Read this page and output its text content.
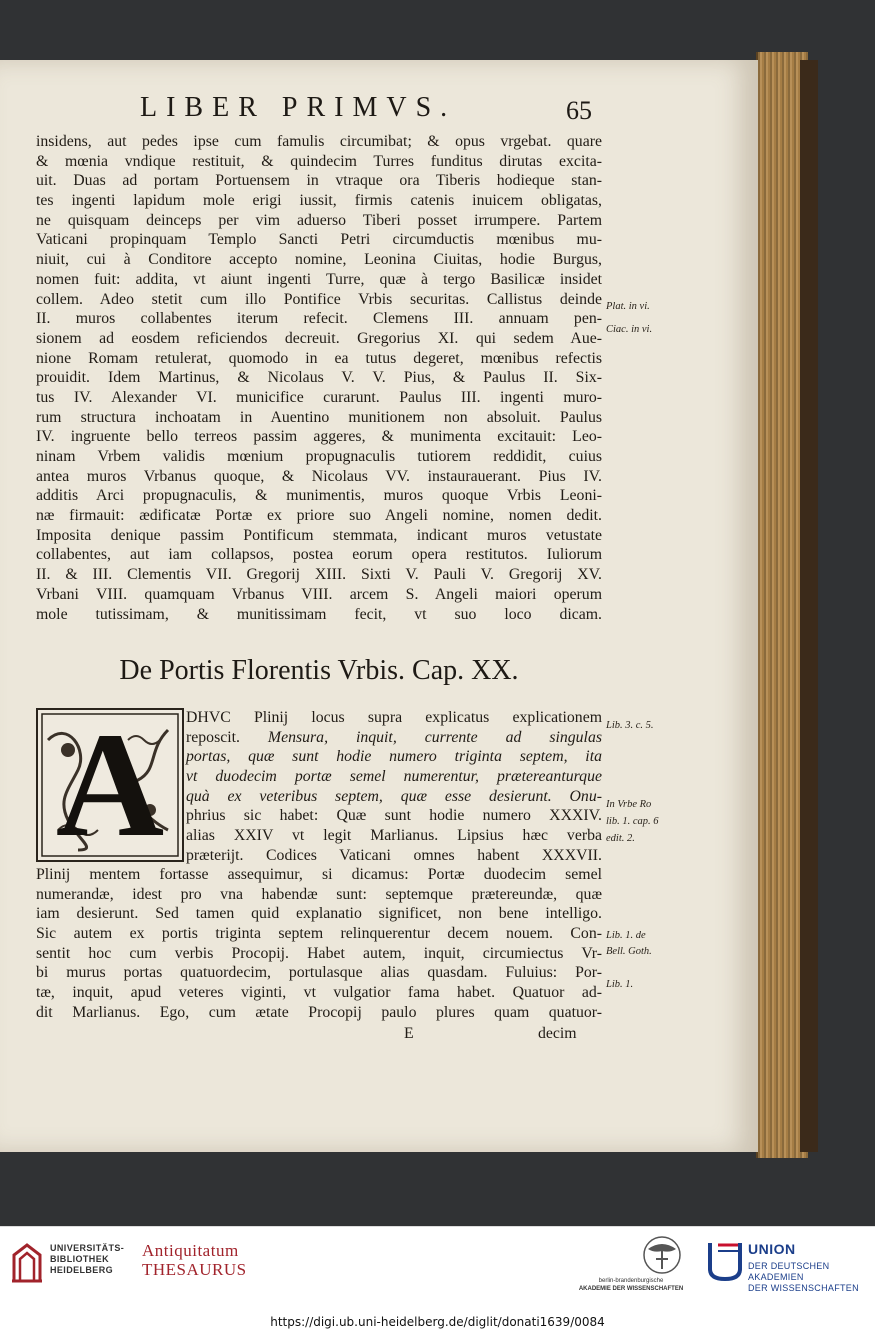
LIBER PRIMVS.	65
insidens, aut pedes ipse cum famulis circumibat; & opus vrgebat. quare
& mœnia vndique restituit, & quindecim Turres funditus dirutas excita-
uit. Duas ad portam Portuensem in vtraque ora Tiberis hodieque stan-
tes ingenti lapidum mole erigi iussit, firmis catenis inuicem obligatas,
ne quisquam deinceps per vim aduerso Tiberi posset irrumpere. Partem
Vaticani propinquam Templo Sancti Petri circumductis mœnibus mu-
niuit, cui à Conditore accepto nomine, Leonina Ciuitas, hodie Burgus,
nomen fuit: addita, vt aiunt ingenti Turre, quæ à tergo Basilicæ insidet
collem. Adeo stetit cum illo Pontifice Vrbis securitas. Callistus deinde
II. muros collabentes iterum refecit. Clemens III. annuam pen-
sionem ad eosdem reficiendos decreuit. Gregorius XI. qui sedem Aue-
nione Romam retulerat, quomodo in ea tutus degeret, mœnibus refectis
prouidit. Idem Martinus, & Nicolaus V. V. Pius, & Paulus II. Six-
tus IV. Alexander VI. municifice curarunt. Paulus III. ingenti muro-
rum structura inchoatam in Auentino munitionem non absoluit. Paulus
IV. ingruente bello terreos passim aggeres, & munimenta excitauit: Leo-
ninam Vrbem validis mœnium propugnaculis tutiorem reddidit, cuius
antea muros Vrbanus quoque, & Nicolaus VV. instaurauerant. Pius IV.
additis Arci propugnaculis, & munimentis, muros quoque Vrbis Leoni-
næ firmauit: ædificatæ Portæ ex priore suo Angeli nomine, nomen dedit.
Imposita denique passim Pontificum stemmata, indicant muros vetustate
collabentes, aut iam collapsos, postea eorum opera restitutos. Iuliorum
II. & III. Clementis VII. Gregorij XIII. Sixti V. Pauli V. Gregorij XV.
Vrbani VIII. quamquam Vrbanus VIII. arcem S. Angeli maiori operum
mole tutissimam, & munitissimam fecit, vt suo loco dicam.
De Portis Florentis Vrbis. Cap. XX.
A	DHVC Plinij locus supra explicatus explicationem
reposcit. Mensura, inquit, currente ad singulas
portas, quæ sunt hodie numero triginta septem, ita
vt duodecim portæ semel numerentur, prætereanturque
quà ex veteribus septem, quæ esse desierunt. Onu-
phrius sic habet: Quæ sunt hodie numero XXXIV.
alias XXIV vt legit Marlianus. Lipsius hæc verba
præterijt. Codices Vaticani omnes habent XXXVII.
Plinij mentem fortasse assequimur, si dicamus: Portæ duodecim semel
numerandæ, idest pro vna habendæ sunt: septemque prætereundæ, quæ
iam desierunt. Sed tamen quid explanatio significet, non bene intelligo.
Sic autem ex portis triginta septem relinquerentur decem nouem. Con-
sentit hoc cum verbis Procopij. Habet autem, inquit, circumiectus Vr-
bi murus portas quatuordecim, portulasque alias quasdam. Fuluius: Por-
tæ, inquit, apud veteres viginti, vt vulgatior fama habet. Quatuor ad-
dit Marlianus. Ego, cum ætate Procopij paulo plures quam quatuor-
E	decim
Plat. in vi.
Ciac. in vi.
Lib. 3. c. 5.
In Vrbe Ro
lib. 1. cap. 6
edit. 2.
Lib. 1. de
Bell. Goth.
Lib. 1.
UNIVERSITÄTS-
BIBLIOTHEK
HEIDELBERG
Antiquitatum
THESAURUS
berlin-brandenburgische
AKADEMIE DER WISSENSCHAFTEN
UNION
DER DEUTSCHEN AKADEMIEN
DER WISSENSCHAFTEN
https://digi.ub.uni-heidelberg.de/diglit/donati1639/0084
